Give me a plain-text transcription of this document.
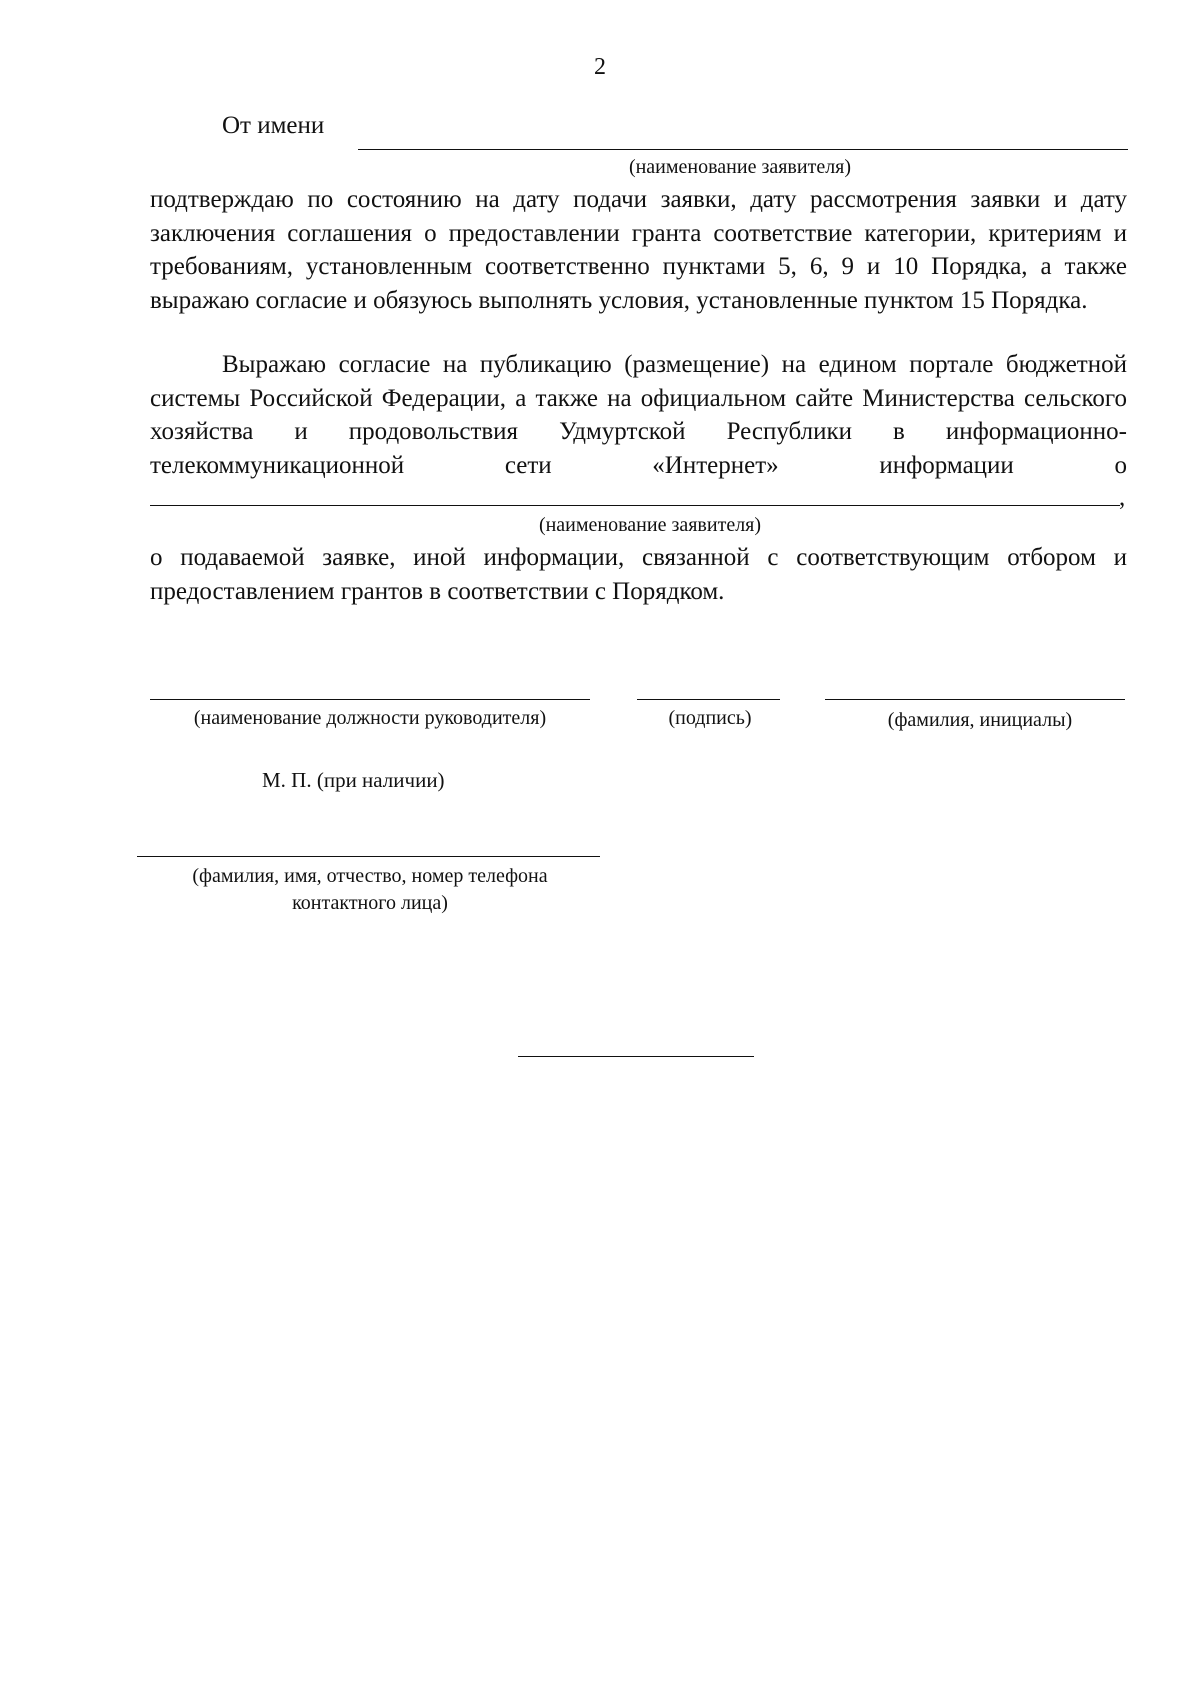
2
От имени
(наименование заявителя)

подтверждаю по состоянию на дату подачи заявки, дату рассмотрения заявки и дату заключения соглашения о предоставлении гранта соответствие категории, критериям и требованиям, установленным соответственно пунктами 5, 6, 9 и 10 Порядка, а также выражаю согласие и обязуюсь выполнять условия, установленные пунктом 15 Порядка.

Выражаю согласие на публикацию (размещение) на едином портале бюджетной системы Российской Федерации, а также на официальном сайте Министерства сельского хозяйства и продовольствия Удмуртской Республики в информационно-телекоммуникационной сети «Интернет» информации о

,
(наименование заявителя)

о подаваемой заявке, иной информации, связанной с соответствующим отбором и предоставлением грантов в соответствии с Порядком.

(наименование должности руководителя)	(подпись)	(фамилия, инициалы)
М. П. (при наличии)
(фамилия, имя, отчество, номер телефона
контактного лица)
